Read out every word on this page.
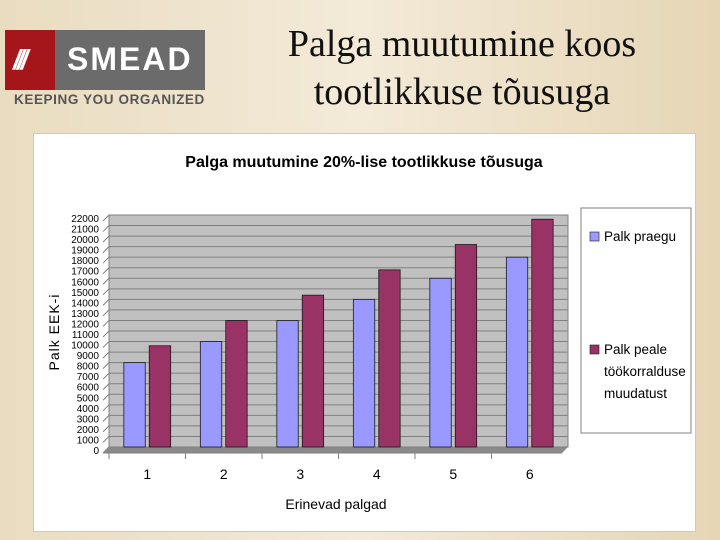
/// SMEAD
KEEPING YOU ORGANIZED
Palga muutumine koos
tootlikkuse tõusuga
Palga muutumine 20%-lise tootlikkuse tõusuga
0
1000
2000
3000
4000
5000
6000
7000
8000
9000
10000
11000
12000
13000
14000
15000
16000
17000
18000
19000
20000
21000
22000
1	2	3	4	5	6
Palk EEK-i
Erinevad palgad
Palk praegu
Palk peale töökorralduse muudatust
